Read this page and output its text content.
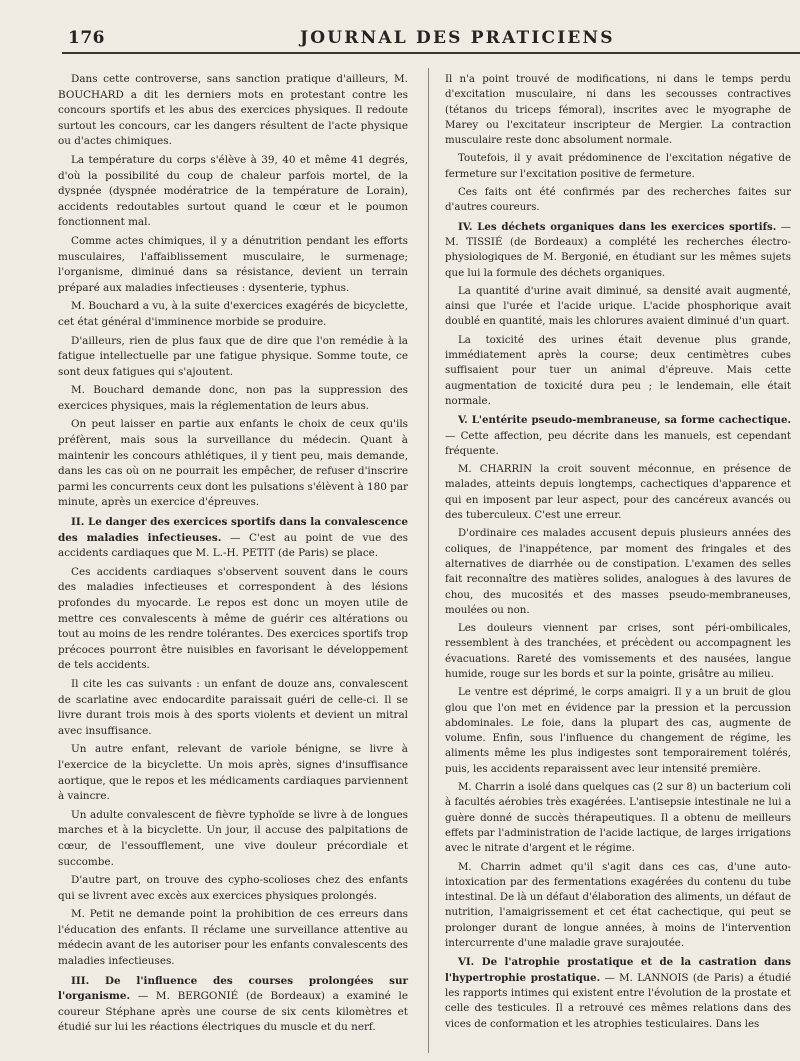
176	JOURNAL DES PRATICIENS

Dans cette controverse, sans sanction pratique d'ailleurs, M. BOUCHARD a dit les derniers mots en protestant contre les concours sportifs et les abus des exercices physiques. Il redoute surtout les concours, car les dangers résultent de l'acte physique ou d'actes chimiques.

La température du corps s'élève à 39, 40 et même 41 degrés, d'où la possibilité du coup de chaleur parfois mortel, de la dyspnée (dyspnée modératrice de la température de Lorain), accidents redoutables surtout quand le cœur et le poumon fonctionnent mal.

Comme actes chimiques, il y a dénutrition pendant les efforts musculaires, l'affaiblissement musculaire, le surmenage; l'organisme, diminué dans sa résistance, devient un terrain préparé aux maladies infectieuses : dysenterie, typhus.

M. Bouchard a vu, à la suite d'exercices exagérés de bicyclette, cet état général d'imminence morbide se produire.

D'ailleurs, rien de plus faux que de dire que l'on remédie à la fatigue intellectuelle par une fatigue physique. Somme toute, ce sont deux fatigues qui s'ajoutent.

M. Bouchard demande donc, non pas la suppression des exercices physiques, mais la réglementation de leurs abus.

On peut laisser en partie aux enfants le choix de ceux qu'ils préfèrent, mais sous la surveillance du médecin. Quant à maintenir les concours athlétiques, il y tient peu, mais demande, dans les cas où on ne pourrait les empêcher, de refuser d'inscrire parmi les concurrents ceux dont les pulsations s'élèvent à 180 par minute, après un exercice d'épreuves.

II. Le danger des exercices sportifs dans la convalescence des maladies infectieuses. — C'est au point de vue des accidents cardiaques que M. L.-H. PETIT (de Paris) se place.

Ces accidents cardiaques s'observent souvent dans le cours des maladies infectieuses et correspondent à des lésions profondes du myocarde. Le repos est donc un moyen utile de mettre ces convalescents à même de guérir ces altérations ou tout au moins de les rendre tolérantes. Des exercices sportifs trop précoces pourront être nuisibles en favorisant le développement de tels accidents.

Il cite les cas suivants : un enfant de douze ans, convalescent de scarlatine avec endocardite paraissait guéri de celle-ci. Il se livre durant trois mois à des sports violents et devient un mitral avec insuffisance.

Un autre enfant, relevant de variole bénigne, se livre à l'exercice de la bicyclette. Un mois après, signes d'insuffisance aortique, que le repos et les médicaments cardiaques parviennent à vaincre.

Un adulte convalescent de fièvre typhoïde se livre à de longues marches et à la bicyclette. Un jour, il accuse des palpitations de cœur, de l'essoufflement, une vive douleur précordiale et succombe.

D'autre part, on trouve des cypho-scolioses chez des enfants qui se livrent avec excès aux exercices physiques prolongés.

M. Petit ne demande point la prohibition de ces erreurs dans l'éducation des enfants. Il réclame une surveillance attentive au médecin avant de les autoriser pour les enfants convalescents des maladies infectieuses.

III. De l'influence des courses prolongées sur l'organisme. — M. BERGONIÉ (de Bordeaux) a examiné le coureur Stéphane après une course de six cents kilomètres et étudié sur lui les réactions électriques du muscle et du nerf.

Il n'a point trouvé de modifications, ni dans le temps perdu d'excitation musculaire, ni dans les secousses contractives (tétanos du triceps fémoral), inscrites avec le myographe de Marey ou l'excitateur inscripteur de Mergier. La contraction musculaire reste donc absolument normale.

Toutefois, il y avait prédominence de l'excitation négative de fermeture sur l'excitation positive de fermeture.

Ces faits ont été confirmés par des recherches faites sur d'autres coureurs.

IV. Les déchets organiques dans les exercices sportifs. — M. TISSIÉ (de Bordeaux) a complété les recherches électro-physiologiques de M. Bergonié, en étudiant sur les mêmes sujets que lui la formule des déchets organiques.

La quantité d'urine avait diminué, sa densité avait augmenté, ainsi que l'urée et l'acide urique. L'acide phosphorique avait doublé en quantité, mais les chlorures avaient diminué d'un quart.

La toxicité des urines était devenue plus grande, immédiatement après la course; deux centimètres cubes suffisaient pour tuer un animal d'épreuve. Mais cette augmentation de toxicité dura peu ; le lendemain, elle était normale.

V. L'entérite pseudo-membraneuse, sa forme cachectique. — Cette affection, peu décrite dans les manuels, est cependant fréquente.

M. CHARRIN la croit souvent méconnue, en présence de malades, atteints depuis longtemps, cachectiques d'apparence et qui en imposent par leur aspect, pour des cancéreux avancés ou des tuberculeux. C'est une erreur.

D'ordinaire ces malades accusent depuis plusieurs années des coliques, de l'inappétence, par moment des fringales et des alternatives de diarrhée ou de constipation. L'examen des selles fait reconnaître des matières solides, analogues à des lavures de chou, des mucosités et des masses pseudo-membraneuses, moulées ou non.

Les douleurs viennent par crises, sont péri-ombilicales, ressemblent à des tranchées, et précèdent ou accompagnent les évacuations. Rareté des vomissements et des nausées, langue humide, rouge sur les bords et sur la pointe, grisâtre au milieu.

Le ventre est déprimé, le corps amaigri. Il y a un bruit de glou glou que l'on met en évidence par la pression et la percussion abdominales. Le foie, dans la plupart des cas, augmente de volume. Enfin, sous l'influence du changement de régime, les aliments même les plus indigestes sont temporairement tolérés, puis, les accidents reparaissent avec leur intensité première.

M. Charrin a isolé dans quelques cas (2 sur 8) un bacterium coli à facultés aérobies très exagérées. L'antisepsie intestinale ne lui a guère donné de succès thérapeutiques. Il a obtenu de meilleurs effets par l'administration de l'acide lactique, de larges irrigations avec le nitrate d'argent et le régime.

M. Charrin admet qu'il s'agit dans ces cas, d'une auto-intoxication par des fermentations exagérées du contenu du tube intestinal. De là un défaut d'élaboration des aliments, un défaut de nutrition, l'amaigrissement et cet état cachectique, qui peut se prolonger durant de longue années, à moins de l'intervention intercurrente d'une maladie grave surajoutée.

VI. De l'atrophie prostatique et de la castration dans l'hypertrophie prostatique. — M. LANNOIS (de Paris) a étudié les rapports intimes qui existent entre l'évolution de la prostate et celle des testicules. Il a retrouvé ces mêmes relations dans des vices de conformation et les atrophies testiculaires. Dans les
